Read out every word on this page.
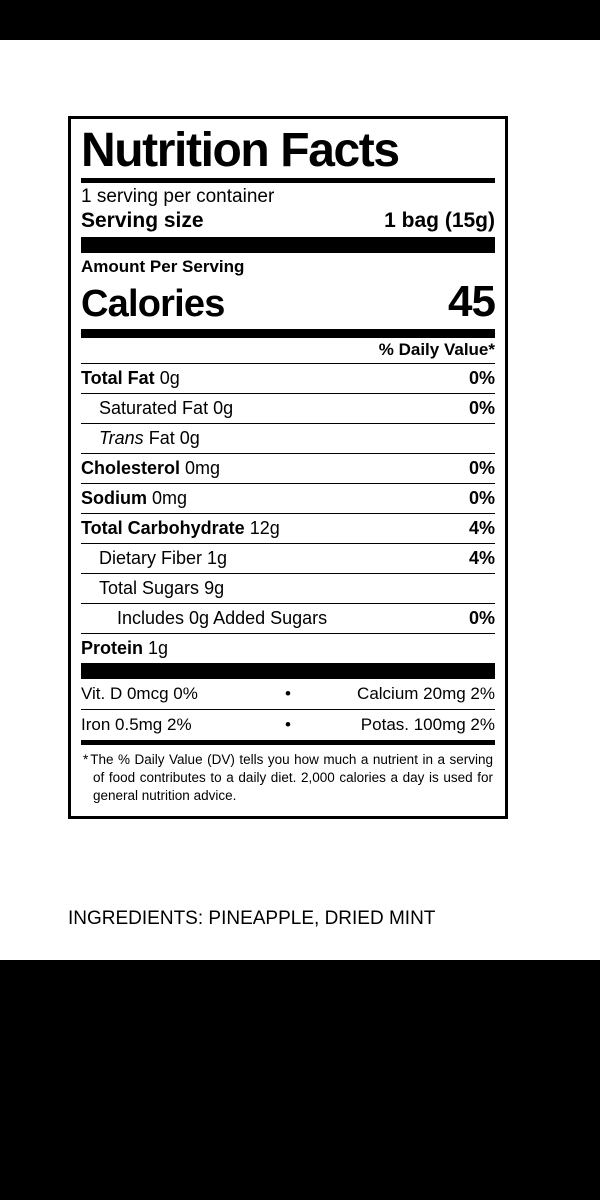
Nutrition Facts
1 serving per container
Serving size	1 bag (15g)
Amount Per Serving
Calories	45
% Daily Value*
Total Fat 0g	0%
Saturated Fat 0g	0%
Trans Fat 0g
Cholesterol 0mg	0%
Sodium 0mg	0%
Total Carbohydrate 12g	4%
Dietary Fiber 1g	4%
Total Sugars 9g
Includes 0g Added Sugars	0%
Protein 1g
Vit. D 0mcg 0%	•	Calcium 20mg 2%
Iron 0.5mg 2%	•	Potas. 100mg 2%
* The % Daily Value (DV) tells you how much a nutrient in a serving of food contributes to a daily diet. 2,000 calories a day is used for general nutrition advice.
INGREDIENTS: PINEAPPLE, DRIED MINT
